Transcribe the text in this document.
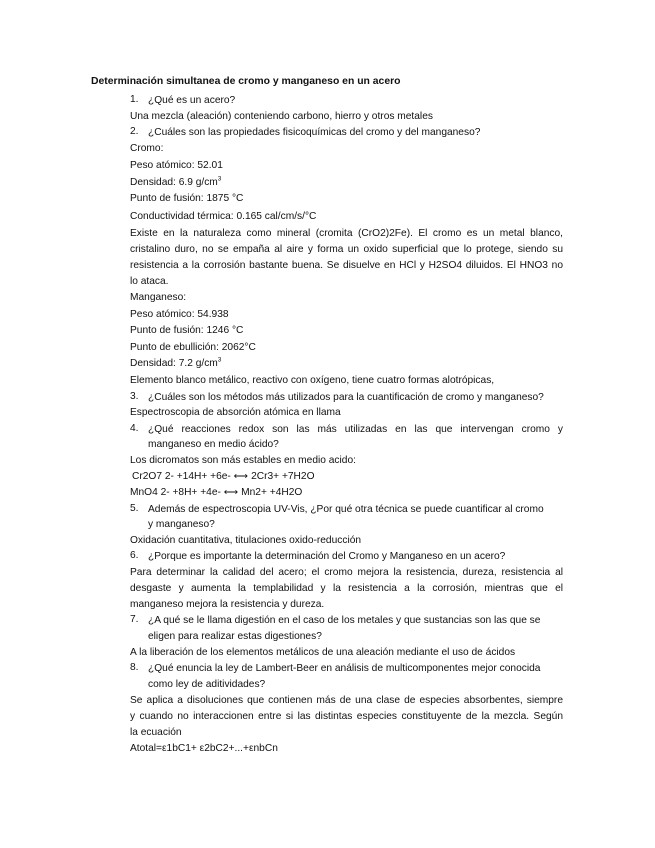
Determinación simultanea de cromo y manganeso en un acero
1. ¿Qué es un acero?
Una mezcla (aleación) conteniendo carbono, hierro y otros metales
2. ¿Cuáles son las propiedades fisicoquímicas del cromo y del manganeso?
Cromo:
Peso atómico: 52.01
Densidad: 6.9 $g/cm^3$
Punto de fusión: 1875 °C
Conductividad térmica: 0.165 cal/cm/s/°C
Existe en la naturaleza como mineral (cromita (CrO2)2Fe). El cromo es un metal blanco,
cristalino duro, no se empaña al aire y forma un oxido superficial que lo protege, siendo su
resistencia a la corrosión bastante buena. Se disuelve en HCl y H2SO4 diluidos. El HNO3 no
lo ataca.
Manganeso:
Peso atómico: 54.938
Punto de fusión: 1246 °C
Punto de ebullición: 2062°C
Densidad: 7.2 $g/cm^3$
Elemento blanco metálico, reactivo con oxígeno, tiene cuatro formas alotrópicas,
3. ¿Cuáles son los métodos más utilizados para la cuantificación de cromo y manganeso?
Espectroscopia de absorción atómica en llama
4. ¿Qué reacciones redox son las más utilizadas en las que intervengan cromo y
manganeso en medio ácido?
Los dicromatos son más estables en medio acido:
Cr2O7 2- +14H+ +6e- ⟷ 2Cr3+ +7H2O
MnO4 2- +8H+ +4e- ⟷ Mn2+ +4H2O
5. Además de espectroscopia UV-Vis, ¿Por qué otra técnica se puede cuantificar al cromo
y manganeso?
Oxidación cuantitativa, titulaciones oxido-reducción
6. ¿Porque es importante la determinación del Cromo y Manganeso en un acero?
Para determinar la calidad del acero; el cromo mejora la resistencia, dureza, resistencia al
desgaste y aumenta la templabilidad y la resistencia a la corrosión, mientras que el
manganeso mejora la resistencia y dureza.
7. ¿A qué se le llama digestión en el caso de los metales y que sustancias son las que se
eligen para realizar estas digestiones?
A la liberación de los elementos metálicos de una aleación mediante el uso de ácidos
8. ¿Qué enuncia la ley de Lambert-Beer en análisis de multicomponentes mejor conocida
como ley de aditividades?
Se aplica a disoluciones que contienen más de una clase de especies absorbentes, siempre
y cuando no interaccionen entre si las distintas especies constituyente de la mezcla. Según
la ecuación
Atotal=ε1bC1+ ε2bC2+...+εnbCn
